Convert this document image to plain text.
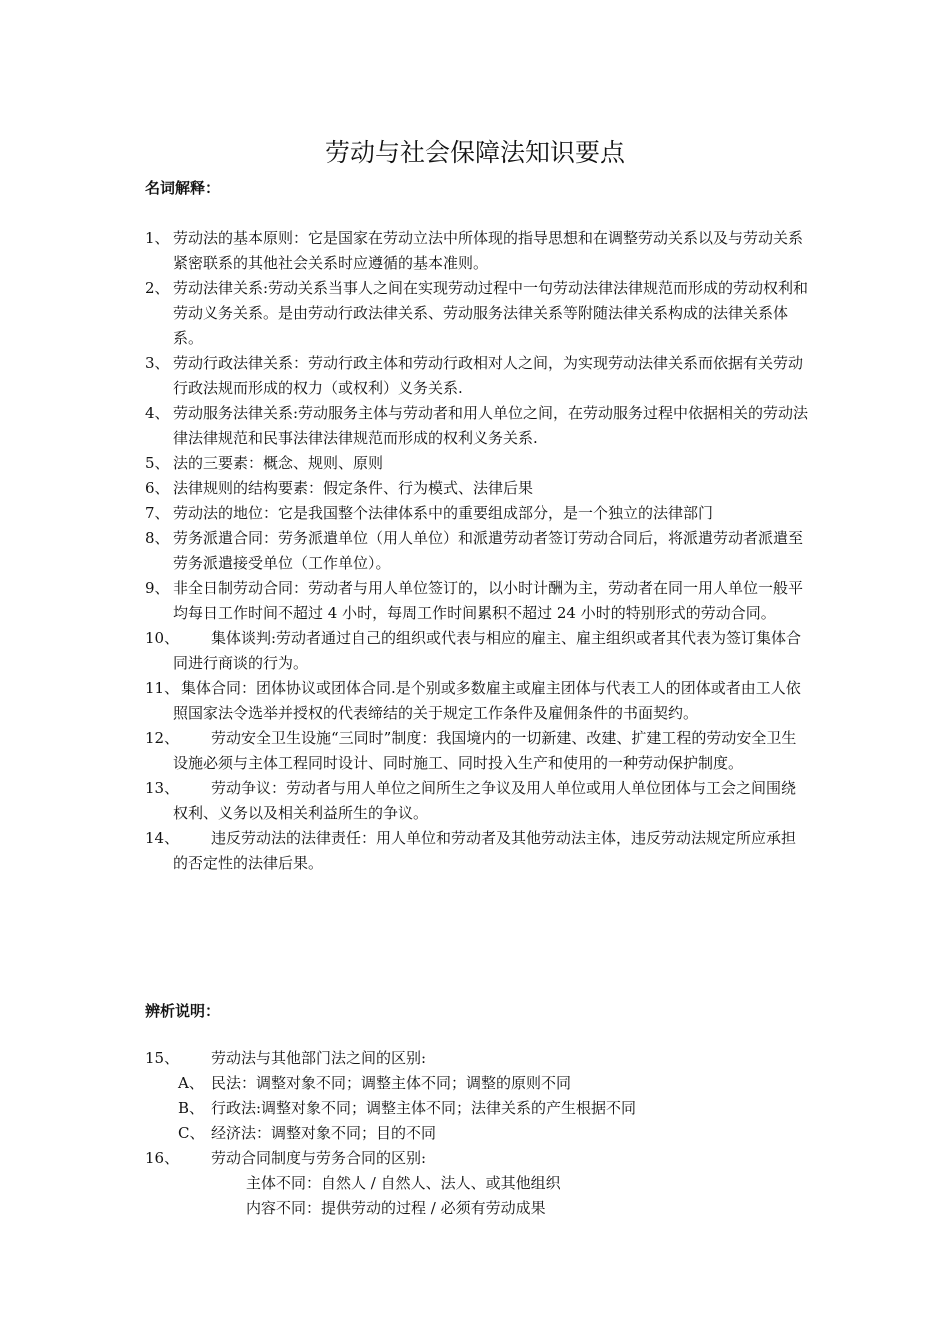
劳动与社会保障法知识要点
名词解释：
1、 劳动法的基本原则：它是国家在劳动立法中所体现的指导思想和在调整劳动关系以及与劳动关系紧密联系的其他社会关系时应遵循的基本准则。
2、 劳动法律关系:劳动关系当事人之间在实现劳动过程中一句劳动法律法律规范而形成的劳动权利和劳动义务关系。是由劳动行政法律关系、劳动服务法律关系等附随法律关系构成的法律关系体系。
3、 劳动行政法律关系：劳动行政主体和劳动行政相对人之间，为实现劳动法律关系而依据有关劳动行政法规而形成的权力（或权利）义务关系.
4、 劳动服务法律关系:劳动服务主体与劳动者和用人单位之间，在劳动服务过程中依据相关的劳动法律法律规范和民事法律法律规范而形成的权利义务关系.
5、 法的三要素：概念、规则、原则
6、 法律规则的结构要素：假定条件、行为模式、法律后果
7、 劳动法的地位：它是我国整个法律体系中的重要组成部分，是一个独立的法律部门
8、 劳务派遣合同：劳务派遣单位（用人单位）和派遣劳动者签订劳动合同后，将派遣劳动者派遣至劳务派遣接受单位（工作单位）。
9、 非全日制劳动合同：劳动者与用人单位签订的，以小时计酬为主，劳动者在同一用人单位一般平均每日工作时间不超过 4 小时，每周工作时间累积不超过 24 小时的特别形式的劳动合同。
10、 集体谈判:劳动者通过自己的组织或代表与相应的雇主、雇主组织或者其代表为签订集体合同进行商谈的行为。
11、 集体合同：团体协议或团体合同.是个别或多数雇主或雇主团体与代表工人的团体或者由工人依照国家法令选举并授权的代表缔结的关于规定工作条件及雇佣条件的书面契约。
12、 劳动安全卫生设施“三同时”制度：我国境内的一切新建、改建、扩建工程的劳动安全卫生设施必须与主体工程同时设计、同时施工、同时投入生产和使用的一种劳动保护制度。
13、 劳动争议：劳动者与用人单位之间所生之争议及用人单位或用人单位团体与工会之间围绕权利、义务以及相关利益所生的争议。
14、 违反劳动法的法律责任：用人单位和劳动者及其他劳动法主体，违反劳动法规定所应承担的否定性的法律后果。
辨析说明：
15、 劳动法与其他部门法之间的区别:
A、 民法：调整对象不同；调整主体不同；调整的原则不同
B、 行政法:调整对象不同；调整主体不同；法律关系的产生根据不同
C、 经济法：调整对象不同；目的不同
16、 劳动合同制度与劳务合同的区别:
主体不同：自然人 / 自然人、法人、或其他组织
内容不同：提供劳动的过程 / 必须有劳动成果
